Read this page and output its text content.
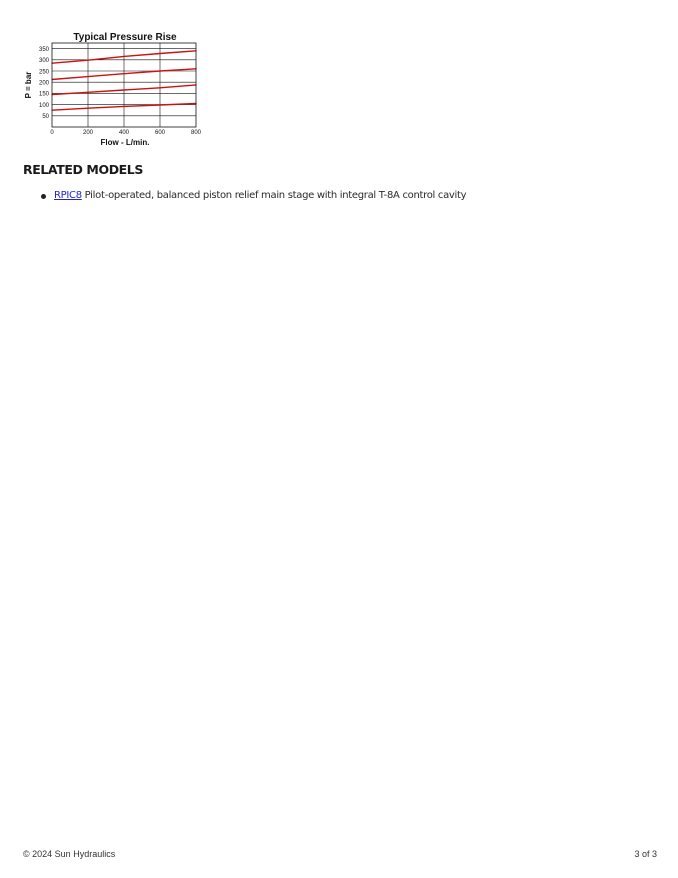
Typical Pressure Rise
P = bar
Flow - L/min.
50
100
150
200
250
300
350
0	200	400	600	800
RELATED MODELS
RPIC8 Pilot-operated, balanced piston relief main stage with integral T-8A control cavity
© 2024 Sun Hydraulics	3 of 3
